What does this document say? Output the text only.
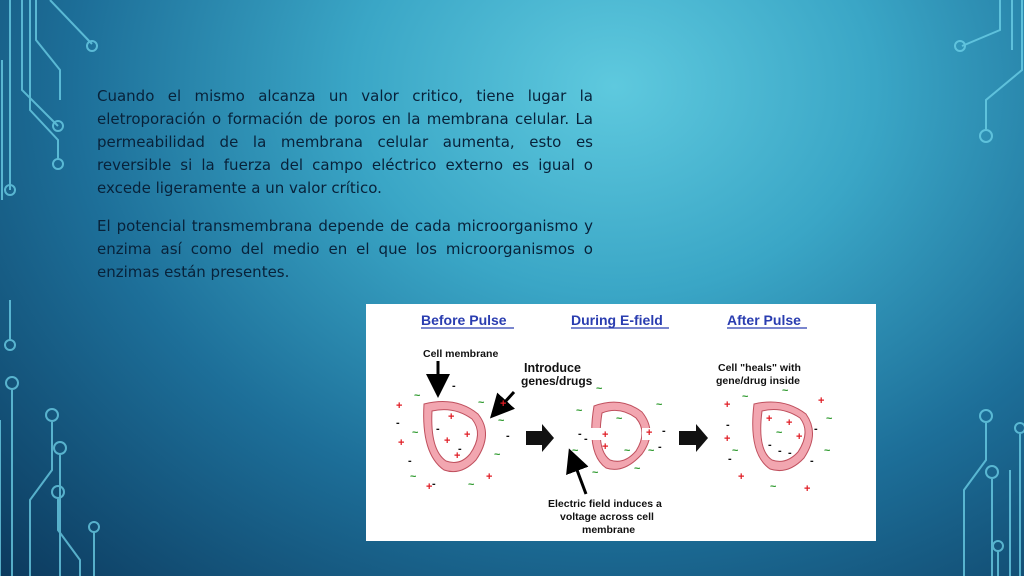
Cuando el mismo alcanza un valor critico, tiene lugar la eletroporación o formación de poros en la membrana celular. La permeabilidad de la membrana celular aumenta, esto es reversible si la fuerza del campo eléctrico externo es igual o excede ligeramente a un valor crítico.

El potencial transmembrana depende de cada microorganismo y enzima así como del medio en el que los microorganismos o enzimas están presentes.

Before Pulse	During E-field	After Pulse
Cell membrane
Introduce
genes/drugs
Cell "heals" with
gene/drug inside
Electric field induces a
voltage across cell
membrane
+
+
+
+
+
+
+
+
+
-
-
-
-
-
-
-
~
~
~
~
~
~
~
~
~
~
~	~
~
~
~
- - +
+
-
-
+
~
+
+
+
+
+
+ +
+
-
-
-
-
- -
-
~
~
~
~
~
~
~
